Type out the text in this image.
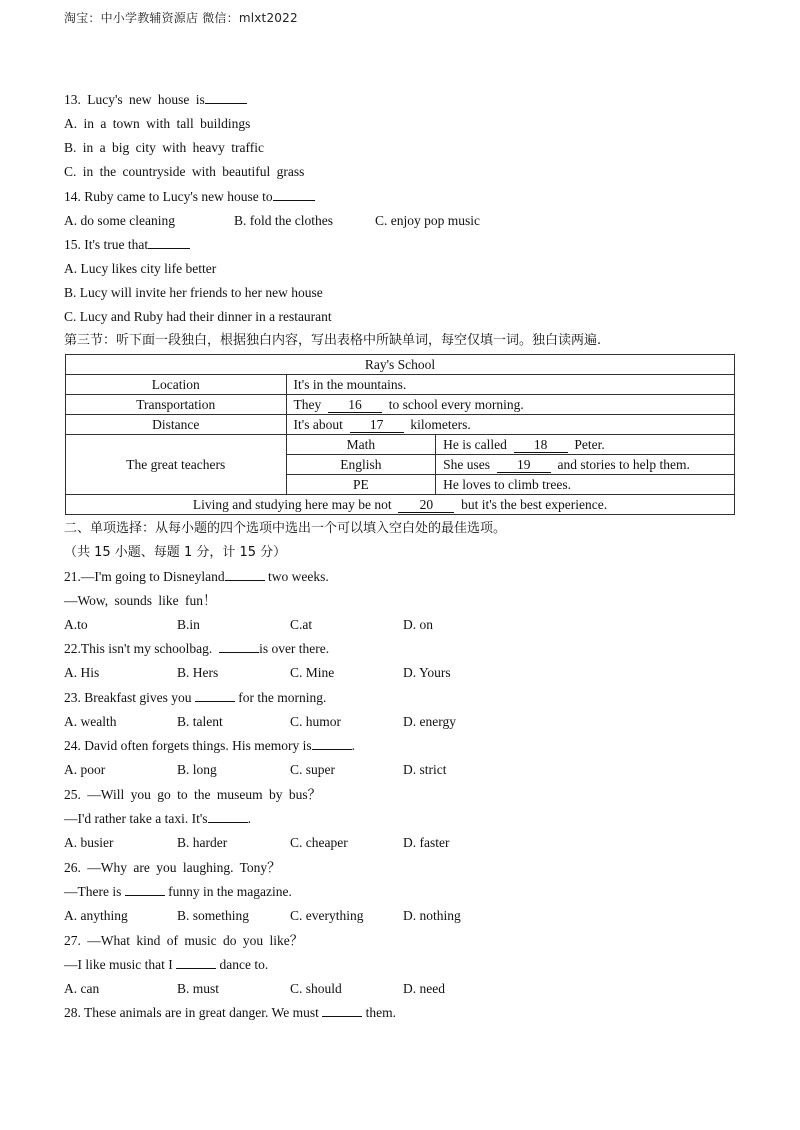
淘宝：中小学教辅资源店 微信：mlxt2022
13. Lucy's new house is
A. in a town with tall buildings
B. in a big city with heavy traffic
C. in the countryside with beautiful grass
14. Ruby came to Lucy's new house to
A. do some cleaning	B. fold the clothes	C. enjoy pop music
15. It's true that
A. Lucy likes city life better
B. Lucy will invite her friends to her new house
C. Lucy and Ruby had their dinner in a restaurant
第三节：听下面一段独白，根据独白内容，写出表格中所缺单词，每空仅填一词。独白读两遍.
Ray's School		
Location	It's in the mountains.	
Transportation	They 16 to school every morning.	
Distance	It's about 17 kilometers.	
The great teachers	Math	He is called 18 Peter.
	English	She uses 19 and stories to help them.
	PE	He loves to climb trees.
Living and studying here may be not 20 but it's the best experience.		
二、单项选择：从每小题的四个选项中选出一个可以填入空白处的最佳选项。
（共 15 小题、每题 1 分，计 15 分）
21.—I'm going to Disneyland	two weeks.
—Wow, sounds like fun！
A.to	B.in	C.at	D. on
22.This isn't my schoolbag.	is over there.
A. His	B. Hers	C. Mine	D. Yours
23. Breakfast gives you	for the morning.
A. wealth	B. talent	C. humor	D. energy
24. David often forgets things. His memory is	.
A. poor	B. long	C. super	D. strict
25. —Will you go to the museum by bus？
—I'd rather take a taxi. It's	.
A. busier	B. harder	C. cheaper	D. faster
26. —Why are you laughing. Tony？
—There is	funny in the magazine.
A. anything	B. something	C. everything	D. nothing
27. —What kind of music do you like？
—I like music that I	dance to.
A. can	B. must	C. should	D. need
28. These animals are in great danger. We must	them.
